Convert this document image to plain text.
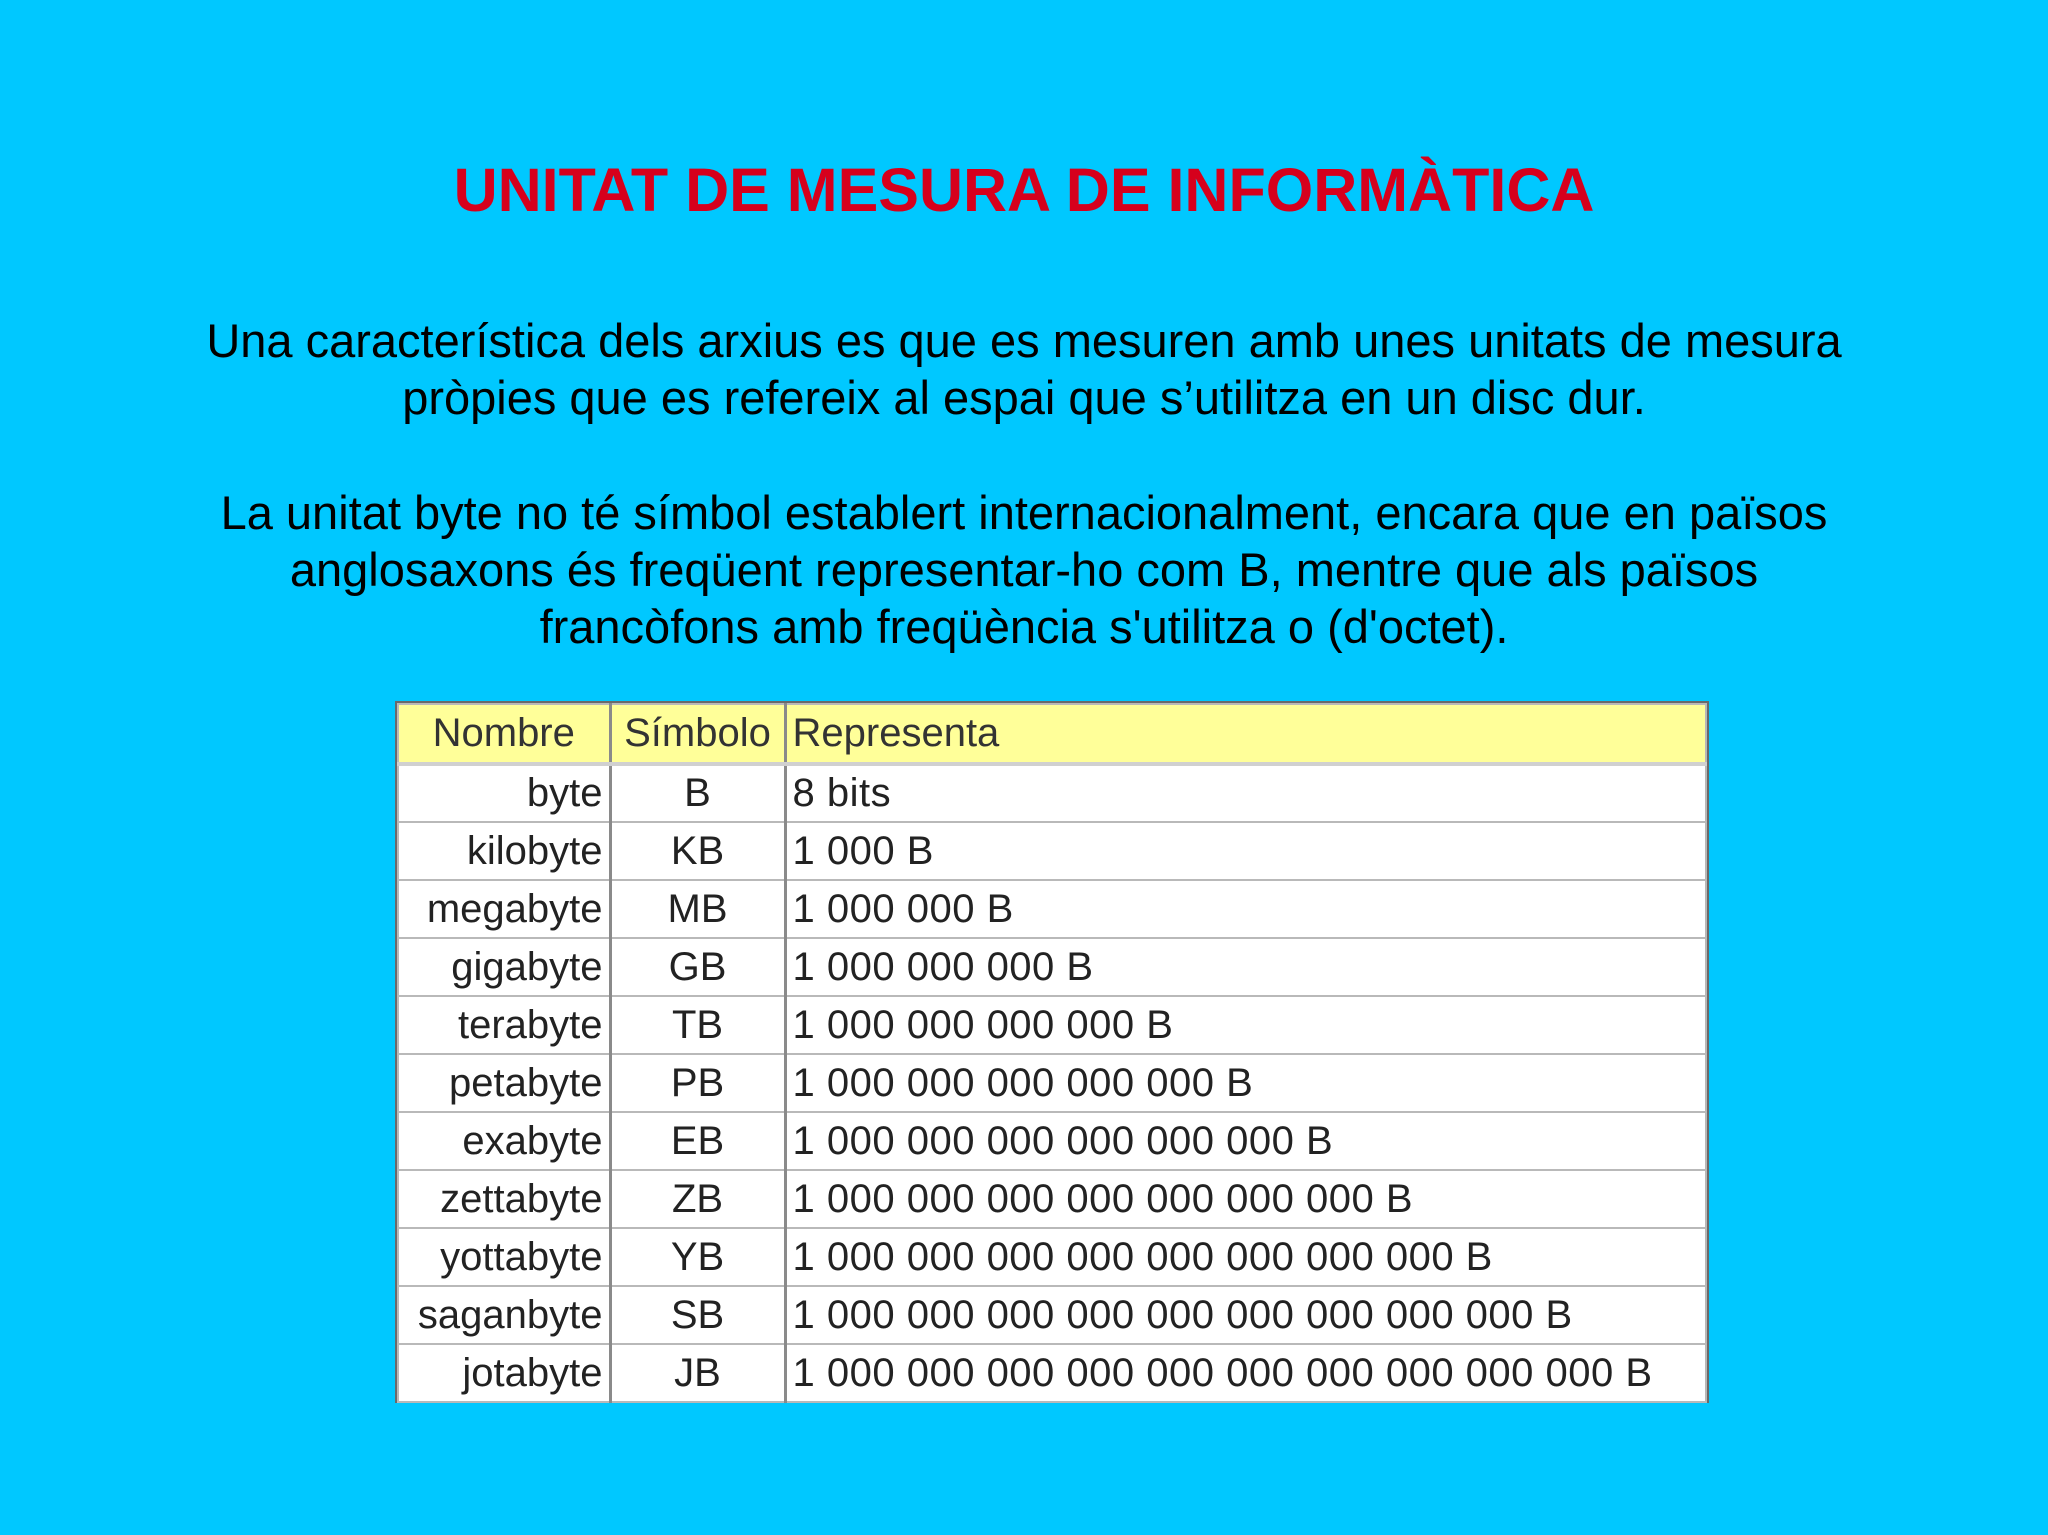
UNITAT DE MESURA DE INFORMÀTICA

Una característica dels arxius es que es mesuren amb unes unitats de mesura pròpies que es refereix al espai que s’utilitza en un disc dur.

La unitat byte no té símbol establert internacionalment, encara que en països anglosaxons és freqüent representar-ho com B, mentre que als països francòfons amb freqüència s'utilitza o (d'octet).

Nombre	Símbolo	Representa
byte	B	8 bits
kilobyte	KB	1 000 B
megabyte	MB	1 000 000 B
gigabyte	GB	1 000 000 000 B
terabyte	TB	1 000 000 000 000 B
petabyte	PB	1 000 000 000 000 000 B
exabyte	EB	1 000 000 000 000 000 000 B
zettabyte	ZB	1 000 000 000 000 000 000 000 B
yottabyte	YB	1 000 000 000 000 000 000 000 000 B
saganbyte	SB	1 000 000 000 000 000 000 000 000 000 B
jotabyte	JB	1 000 000 000 000 000 000 000 000 000 000 B
